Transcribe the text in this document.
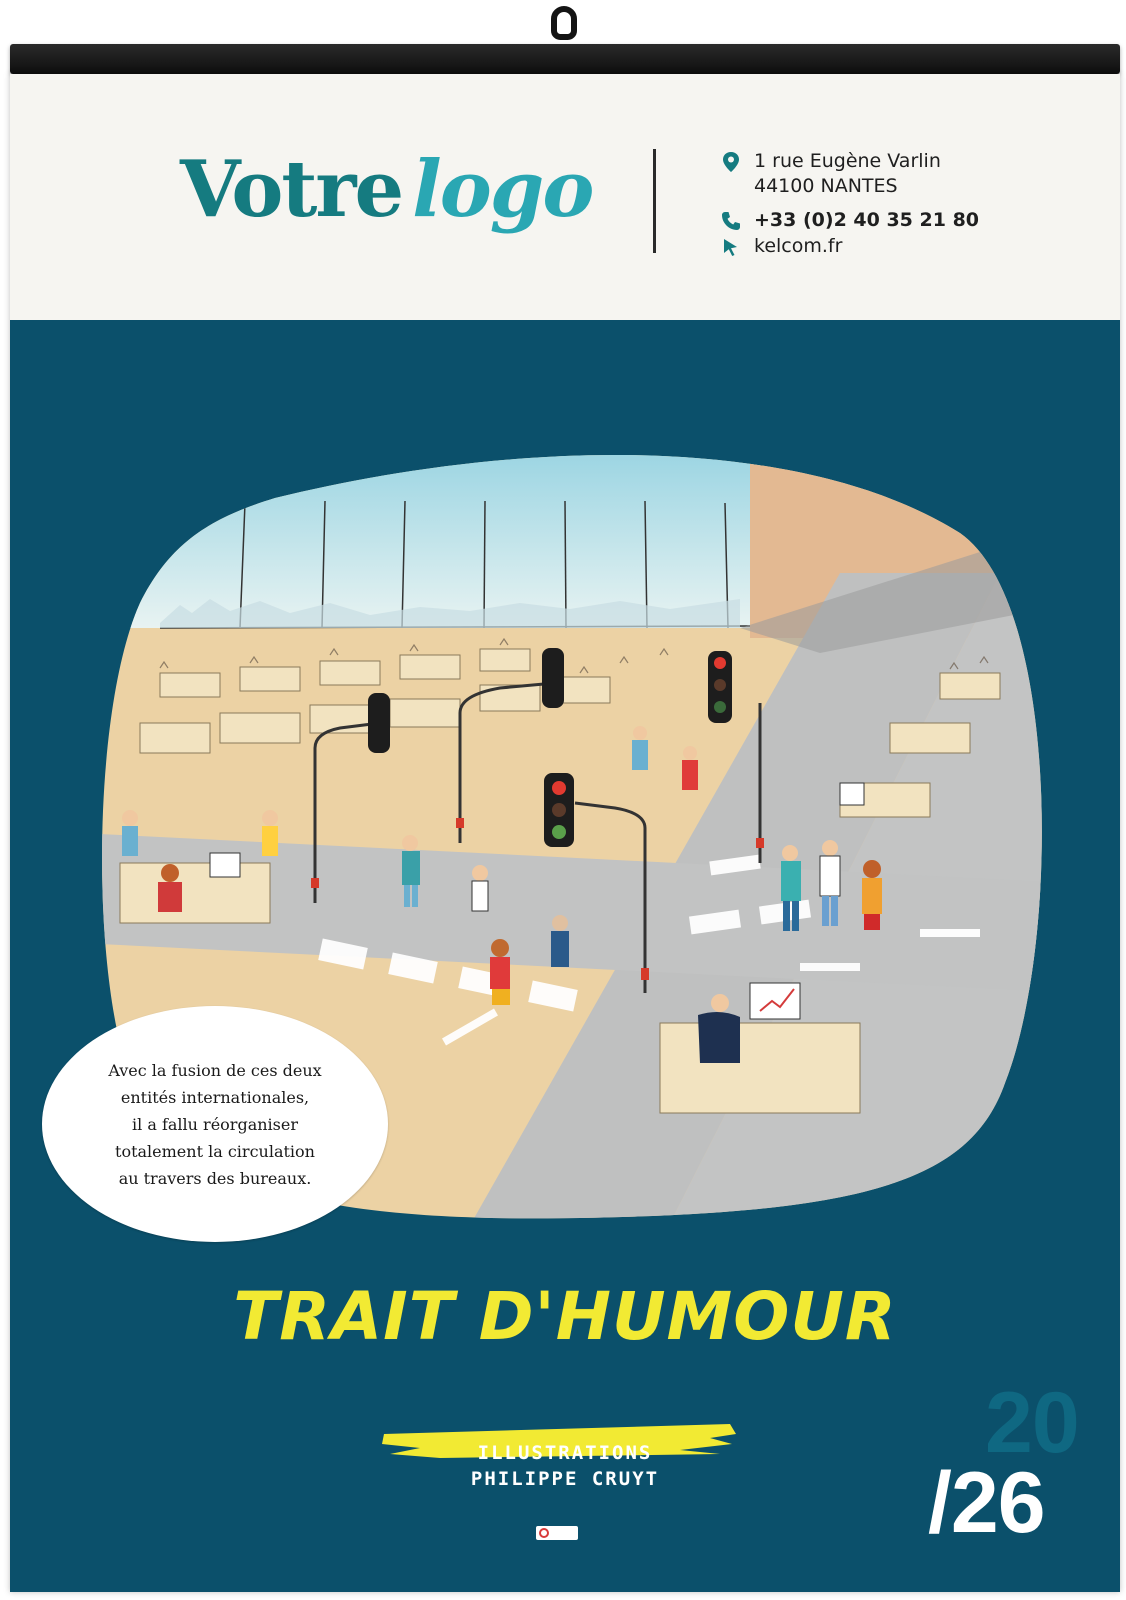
Votre logo	1 rue Eugène Varlin
44100 NANTES
+33 (0)2 40 35 21 80
kelcom.fr
Avec la fusion de ces deux
entités internationales,
il a fallu réorganiser
totalement la circulation
au travers des bureaux.
TRAIT D'HUMOUR
ILLUSTRATIONS
PHILIPPE CRUYT
20
/26
